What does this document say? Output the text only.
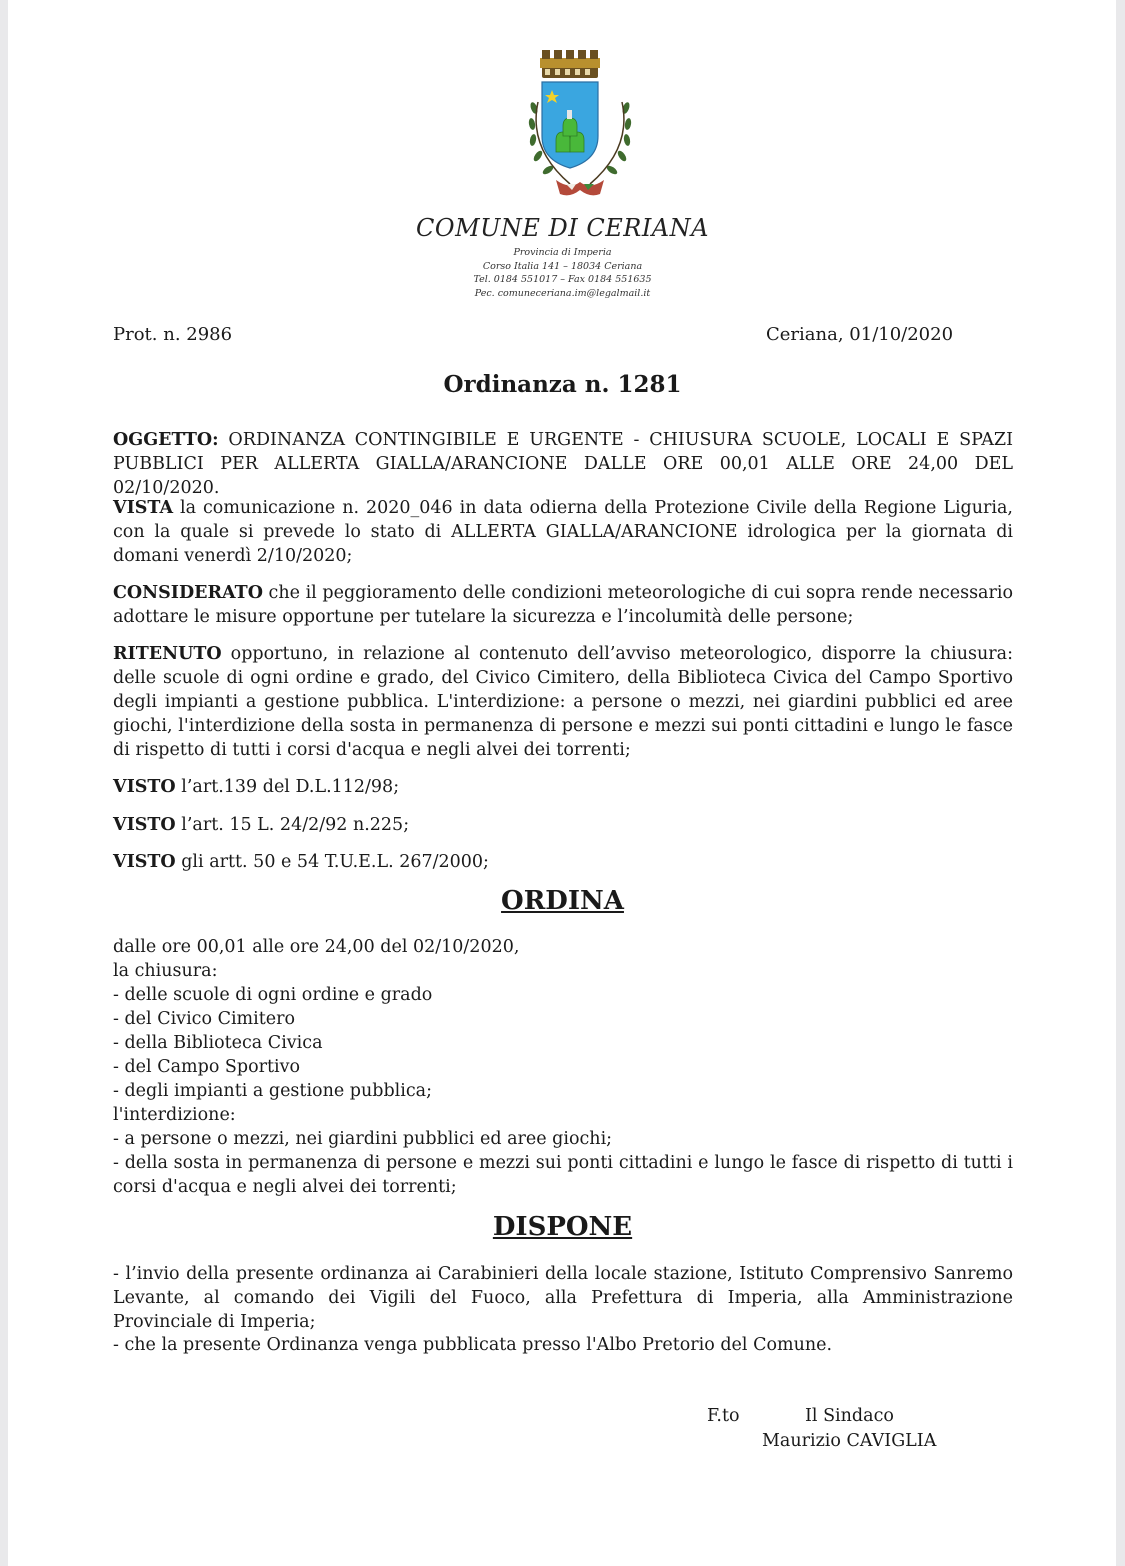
COMUNE DI CERIANA
Provincia di Imperia
Corso Italia 141 – 18034 Ceriana
Tel. 0184 551017 – Fax 0184 551635
Pec. comuneceriana.im@legalmail.it
Prot. n. 2986	Ceriana, 01/10/2020
Ordinanza n. 1281
OGGETTO: ORDINANZA CONTINGIBILE E URGENTE - CHIUSURA SCUOLE, LOCALI E SPAZI PUBBLICI PER ALLERTA GIALLA/ARANCIONE DALLE ORE 00,01 ALLE ORE 24,00 DEL 02/10/2020.
VISTA la comunicazione n. 2020_046 in data odierna della Protezione Civile della Regione Liguria, con la quale si prevede lo stato di ALLERTA GIALLA/ARANCIONE idrologica per la giornata di domani venerdì 2/10/2020;
CONSIDERATO che il peggioramento delle condizioni meteorologiche di cui sopra rende necessario adottare le misure opportune per tutelare la sicurezza e l’incolumità delle persone;
RITENUTO opportuno, in relazione al contenuto dell’avviso meteorologico, disporre la chiusura: delle scuole di ogni ordine e grado, del Civico Cimitero, della Biblioteca Civica del Campo Sportivo degli impianti a gestione pubblica. L'interdizione: a persone o mezzi, nei giardini pubblici ed aree giochi, l'interdizione della sosta in permanenza di persone e mezzi sui ponti cittadini e lungo le fasce di rispetto di tutti i corsi d'acqua e negli alvei dei torrenti;
VISTO l’art.139 del D.L.112/98;
VISTO l’art. 15 L. 24/2/92 n.225;
VISTO gli artt. 50 e 54 T.U.E.L. 267/2000;
ORDINA
dalle ore 00,01 alle ore 24,00 del 02/10/2020,
la chiusura:
- delle scuole di ogni ordine e grado
- del Civico Cimitero
- della Biblioteca Civica
- del Campo Sportivo
- degli impianti a gestione pubblica;
l'interdizione:
- a persone o mezzi, nei giardini pubblici ed aree giochi;
- della sosta in permanenza di persone e mezzi sui ponti cittadini e lungo le fasce di rispetto di tutti i corsi d'acqua e negli alvei dei torrenti;
DISPONE
- l’invio della presente ordinanza ai Carabinieri della locale stazione, Istituto Comprensivo Sanremo Levante, al comando dei Vigili del Fuoco, alla Prefettura di Imperia, alla Amministrazione Provinciale di Imperia;
- che la presente Ordinanza venga pubblicata presso l'Albo Pretorio del Comune.
F.to	Il Sindaco
Maurizio CAVIGLIA
